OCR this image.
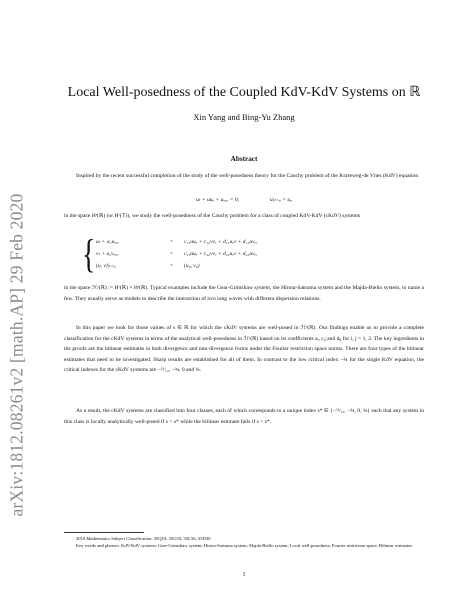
arXiv:1812.08261v2 [math.AP] 29 Feb 2020
Local Well-posedness of the Coupled KdV-KdV Systems on ℝ
Xin Yang and Bing-Yu Zhang
Abstract

Inspired by the recent successful completion of the study of the well-posedness theory for the Cauchy problem of the Korteweg-de Vries (KdV) equation

uₜ + uuₓ + uₓₓₓ = 0,	u|ₜ₌₀ = u₀

in the space Hˢ(ℝ) (or Hˢ(𝕋)), we study the well-posedness of the Cauchy problem for a class of coupled KdV-KdV (cKdV) systems

{ uₜ + a₁uₓₓₓ	= c₁₁uuₓ + c₁₂vvₓ + d₁₁uₓv + d₁₂uvₓ,
vₜ + a₂vₓₓₓ	= c₂₁uuₓ + c₂₂vvₓ + d₂₁uₓv + d₂₂uvₓ,
(u, v)|ₜ₌₀	= (u₀, v₀)

in the space ℋˢ(ℝ) := Hˢ(ℝ) × Hˢ(ℝ). Typical examples include the Gear-Grimshaw system, the Hirota-Satsuma system and the Majda-Biello system, to name a few. They usually serve as models to describe the interaction of two long waves with different dispersion relations.

In this paper we look for those values of s ∈ ℝ for which the cKdV systems are well-posed in ℋˢ(ℝ). Our findings enable us to provide a complete classification for the cKdV systems in terms of the analytical well-posedness in ℋˢ(ℝ) based on its coefficients aᵢ, cᵢⱼ and dᵢⱼ for i, j = 1, 2. The key ingredients in the proofs are the bilinear estimates in both divergence and non-divergence forms under the Fourier restriction space norms. There are four types of the bilinear estimates that need to be investigated. Sharp results are established for all of them. In contrast to the low critical index −¾ for the single KdV equation, the critical indexes for the cKdV systems are −¹³⁄₁₂, −¾, 0 and ¾.

As a result, the cKdV systems are classified into four classes, each of which corresponds to a unique index s* ∈ {−¹³⁄₁₂, −¾, 0, ¾} such that any system in this class is locally analytically well-posed if s > s* while the bilinear estimate fails if s < s*.

2010 Mathematics Subject Classification. 35Q53; 35G55; 35L56; 35D30.

Key words and phrases. KdV-KdV systems; Gear-Grimshaw system; Hirota-Satsuma system; Majda-Biello system; Local well-posedness; Fourier restriction space; Bilinear estimates.

1
